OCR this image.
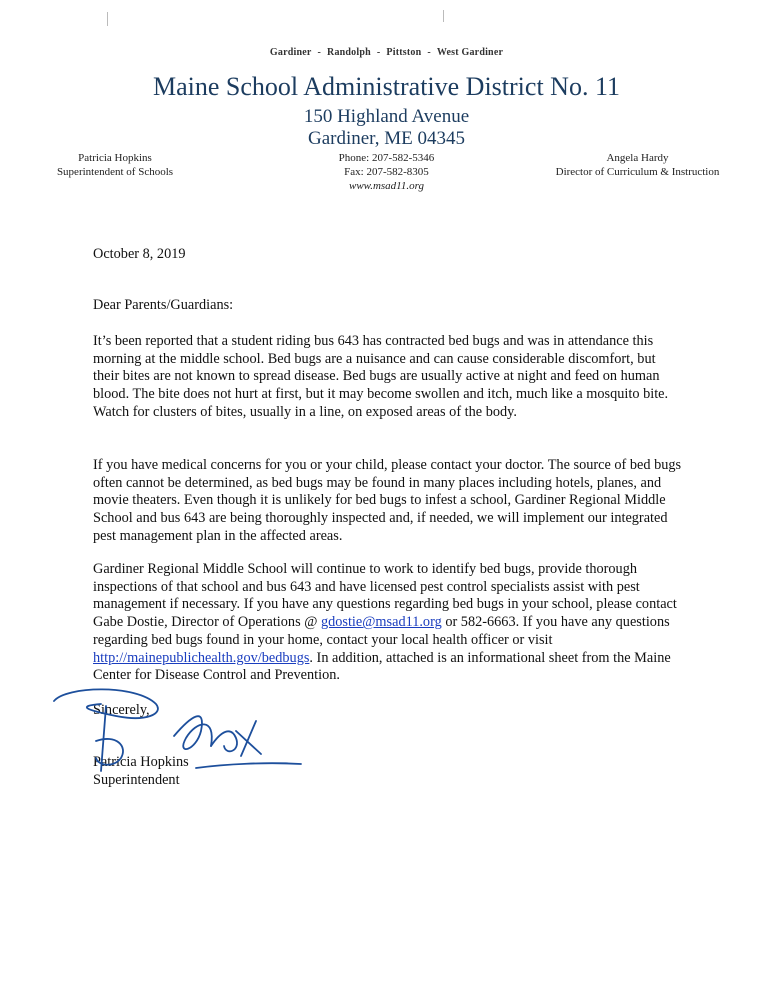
Gardiner - Randolph - Pittston - West Gardiner
Maine School Administrative District No. 11
150 Highland Avenue
Gardiner, ME 04345
Phone: 207-582-5346
Fax: 207-582-8305
www.msad11.org
Patricia Hopkins
Superintendent of Schools
Angela Hardy
Director of Curriculum & Instruction
October 8, 2019
Dear Parents/Guardians:

It’s been reported that a student riding bus 643 has contracted bed bugs and was in attendance this morning at the middle school. Bed bugs are a nuisance and can cause considerable discomfort, but their bites are not known to spread disease. Bed bugs are usually active at night and feed on human blood. The bite does not hurt at first, but it may become swollen and itch, much like a mosquito bite. Watch for clusters of bites, usually in a line, on exposed areas of the body.

If you have medical concerns for you or your child, please contact your doctor. The source of bed bugs often cannot be determined, as bed bugs may be found in many places including hotels, planes, and movie theaters. Even though it is unlikely for bed bugs to infest a school, Gardiner Regional Middle School and bus 643 are being thoroughly inspected and, if needed, we will implement our integrated pest management plan in the affected areas.

Gardiner Regional Middle School will continue to work to identify bed bugs, provide thorough inspections of that school and bus 643 and have licensed pest control specialists assist with pest management if necessary. If you have any questions regarding bed bugs in your school, please contact Gabe Dostie, Director of Operations @ gdostie@msad11.org or 582-6663. If you have any questions regarding bed bugs found in your home, contact your local health officer or visit http://mainepublichealth.gov/bedbugs. In addition, attached is an informational sheet from the Maine Center for Disease Control and Prevention.

Sincerely,
Patricia Hopkins
Superintendent
